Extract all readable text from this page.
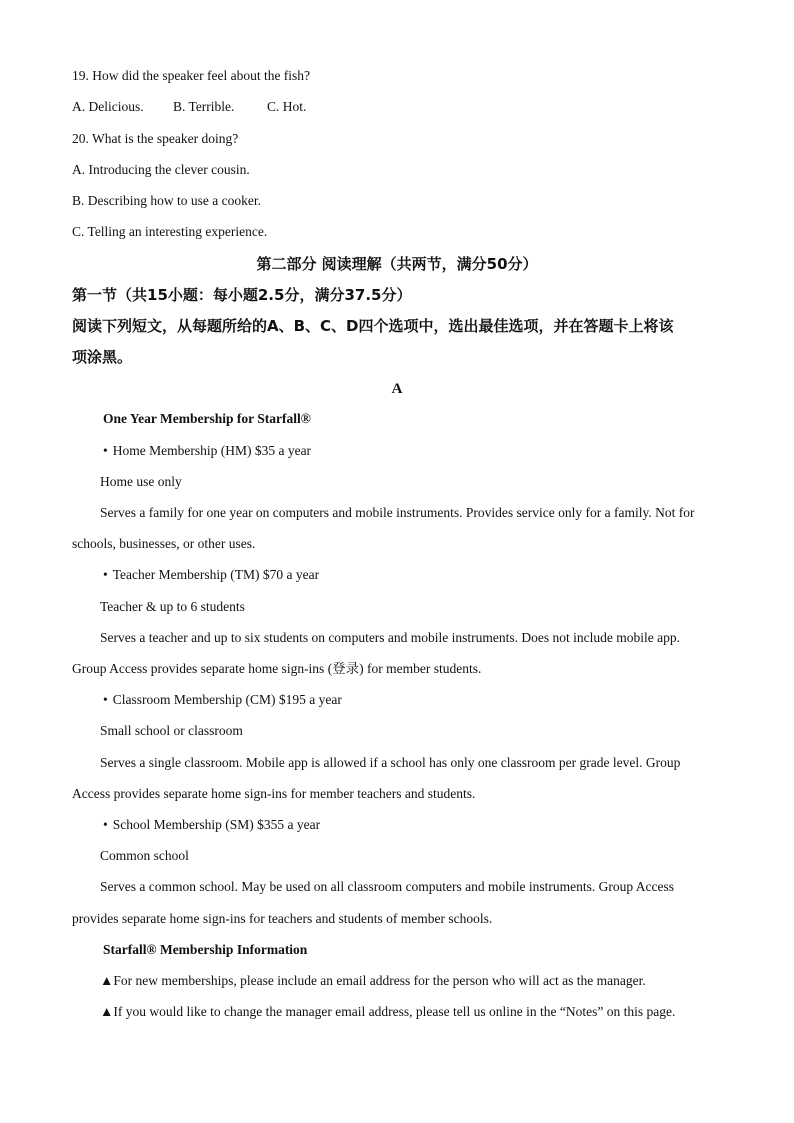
19. How did the speaker feel about the fish?
A. Delicious. B. Terrible. C. Hot.
20. What is the speaker doing?
A. Introducing the clever cousin.
B. Describing how to use a cooker.
C. Telling an interesting experience.
第二部分 阅读理解（共两节，满分50分）
第一节（共15小题：每小题2.5分，满分37.5分）
阅读下列短文，从每题所给的A、B、C、D四个选项中，选出最佳选项，并在答题卡上将该
项涂黑。
A
One Year Membership for Starfall®
• Home Membership (HM) $35 a year
Home use only
Serves a family for one year on computers and mobile instruments. Provides service only for a family. Not for
schools, businesses, or other uses.
• Teacher Membership (TM) $70 a year
Teacher & up to 6 students
Serves a teacher and up to six students on computers and mobile instruments. Does not include mobile app.
Group Access provides separate home sign-ins (登录) for member students.
• Classroom Membership (CM) $195 a year
Small school or classroom
Serves a single classroom. Mobile app is allowed if a school has only one classroom per grade level. Group
Access provides separate home sign-ins for member teachers and students.
• School Membership (SM) $355 a year
Common school
Serves a common school. May be used on all classroom computers and mobile instruments. Group Access
provides separate home sign-ins for teachers and students of member schools.
Starfall® Membership Information
▲For new memberships, please include an email address for the person who will act as the manager.
▲If you would like to change the manager email address, please tell us online in the “Notes” on this page.
